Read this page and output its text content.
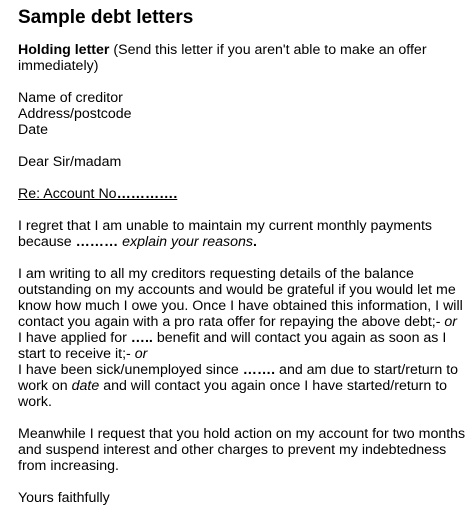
Sample debt letters

Holding letter (Send this letter if you aren't able to make an offer immediately)

Name of creditor
Address/postcode
Date

Dear Sir/madam

Re: Account No………….

I regret that I am unable to maintain my current monthly payments because ……… explain your reasons.

I am writing to all my creditors requesting details of the balance outstanding on my accounts and would be grateful if you would let me know how much I owe you. Once I have obtained this information, I will contact you again with a pro rata offer for repaying the above debt;- or
I have applied for ….. benefit and will contact you again as soon as I start to receive it;- or
I have been sick/unemployed since ……. and am due to start/return to work on date and will contact you again once I have started/return to work.

Meanwhile I request that you hold action on my account for two months and suspend interest and other charges to prevent my indebtedness from increasing.

Yours faithfully
